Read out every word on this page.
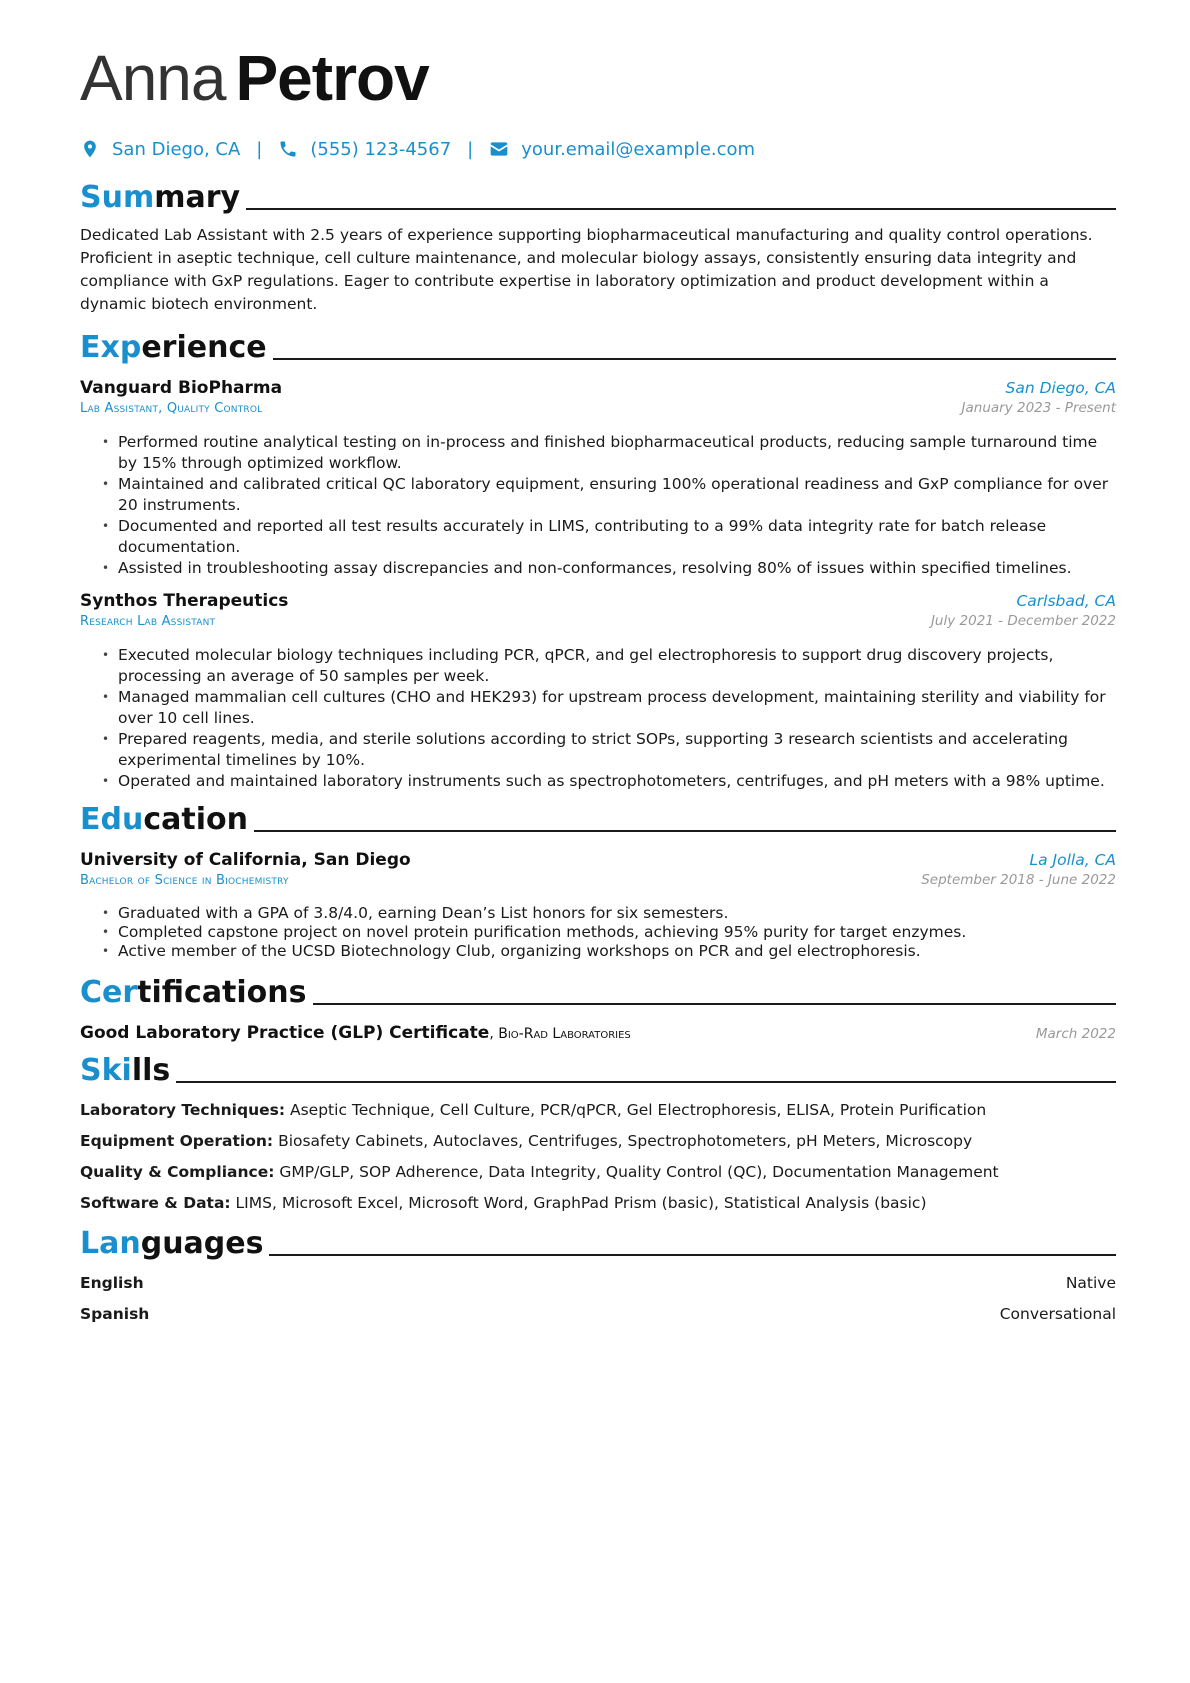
Anna Petrov
San Diego, CA |	(555) 123-4567 |	your.email@example.com
Sum mary
Dedicated Lab Assistant with 2.5 years of experience supporting biopharmaceutical manufacturing and quality control operations. Proficient in aseptic technique, cell culture maintenance, and molecular biology assays, consistently ensuring data integrity and compliance with GxP regulations. Eager to contribute expertise in laboratory optimization and product development within a dynamic biotech environment.
Exp erience
Vanguard BioPharma	San Diego, CA
Lab Assistant, Quality Control	January 2023 - Present
• Performed routine analytical testing on in-process and finished biopharmaceutical products, reducing sample turnaround time by 15% through optimized workflow.
• Maintained and calibrated critical QC laboratory equipment, ensuring 100% operational readiness and GxP compliance for over 20 instruments.
• Documented and reported all test results accurately in LIMS, contributing to a 99% data integrity rate for batch release documentation.
• Assisted in troubleshooting assay discrepancies and non-conformances, resolving 80% of issues within specified timelines.
Synthos Therapeutics	Carlsbad, CA
Research Lab Assistant	July 2021 - December 2022
• Executed molecular biology techniques including PCR, qPCR, and gel electrophoresis to support drug discovery projects, processing an average of 50 samples per week.
• Managed mammalian cell cultures (CHO and HEK293) for upstream process development, maintaining sterility and viability for over 10 cell lines.
• Prepared reagents, media, and sterile solutions according to strict SOPs, supporting 3 research scientists and accelerating experimental timelines by 10%.
• Operated and maintained laboratory instruments such as spectrophotometers, centrifuges, and pH meters with a 98% uptime.
Edu cation
University of California, San Diego	La Jolla, CA
Bachelor of Science in Biochemistry	September 2018 - June 2022
• Graduated with a GPA of 3.8/4.0, earning Dean’s List honors for six semesters.
• Completed capstone project on novel protein purification methods, achieving 95% purity for target enzymes.
• Active member of the UCSD Biotechnology Club, organizing workshops on PCR and gel electrophoresis.
Cer tifications
Good Laboratory Practice (GLP) Certificate, Bio-Rad Laboratories	March 2022
Ski lls
Laboratory Techniques: Aseptic Technique, Cell Culture, PCR/qPCR, Gel Electrophoresis, ELISA, Protein Purification
Equipment Operation: Biosafety Cabinets, Autoclaves, Centrifuges, Spectrophotometers, pH Meters, Microscopy
Quality & Compliance: GMP/GLP, SOP Adherence, Data Integrity, Quality Control (QC), Documentation Management
Software & Data: LIMS, Microsoft Excel, Microsoft Word, GraphPad Prism (basic), Statistical Analysis (basic)
Lan guages
English	Native
Spanish	Conversational
